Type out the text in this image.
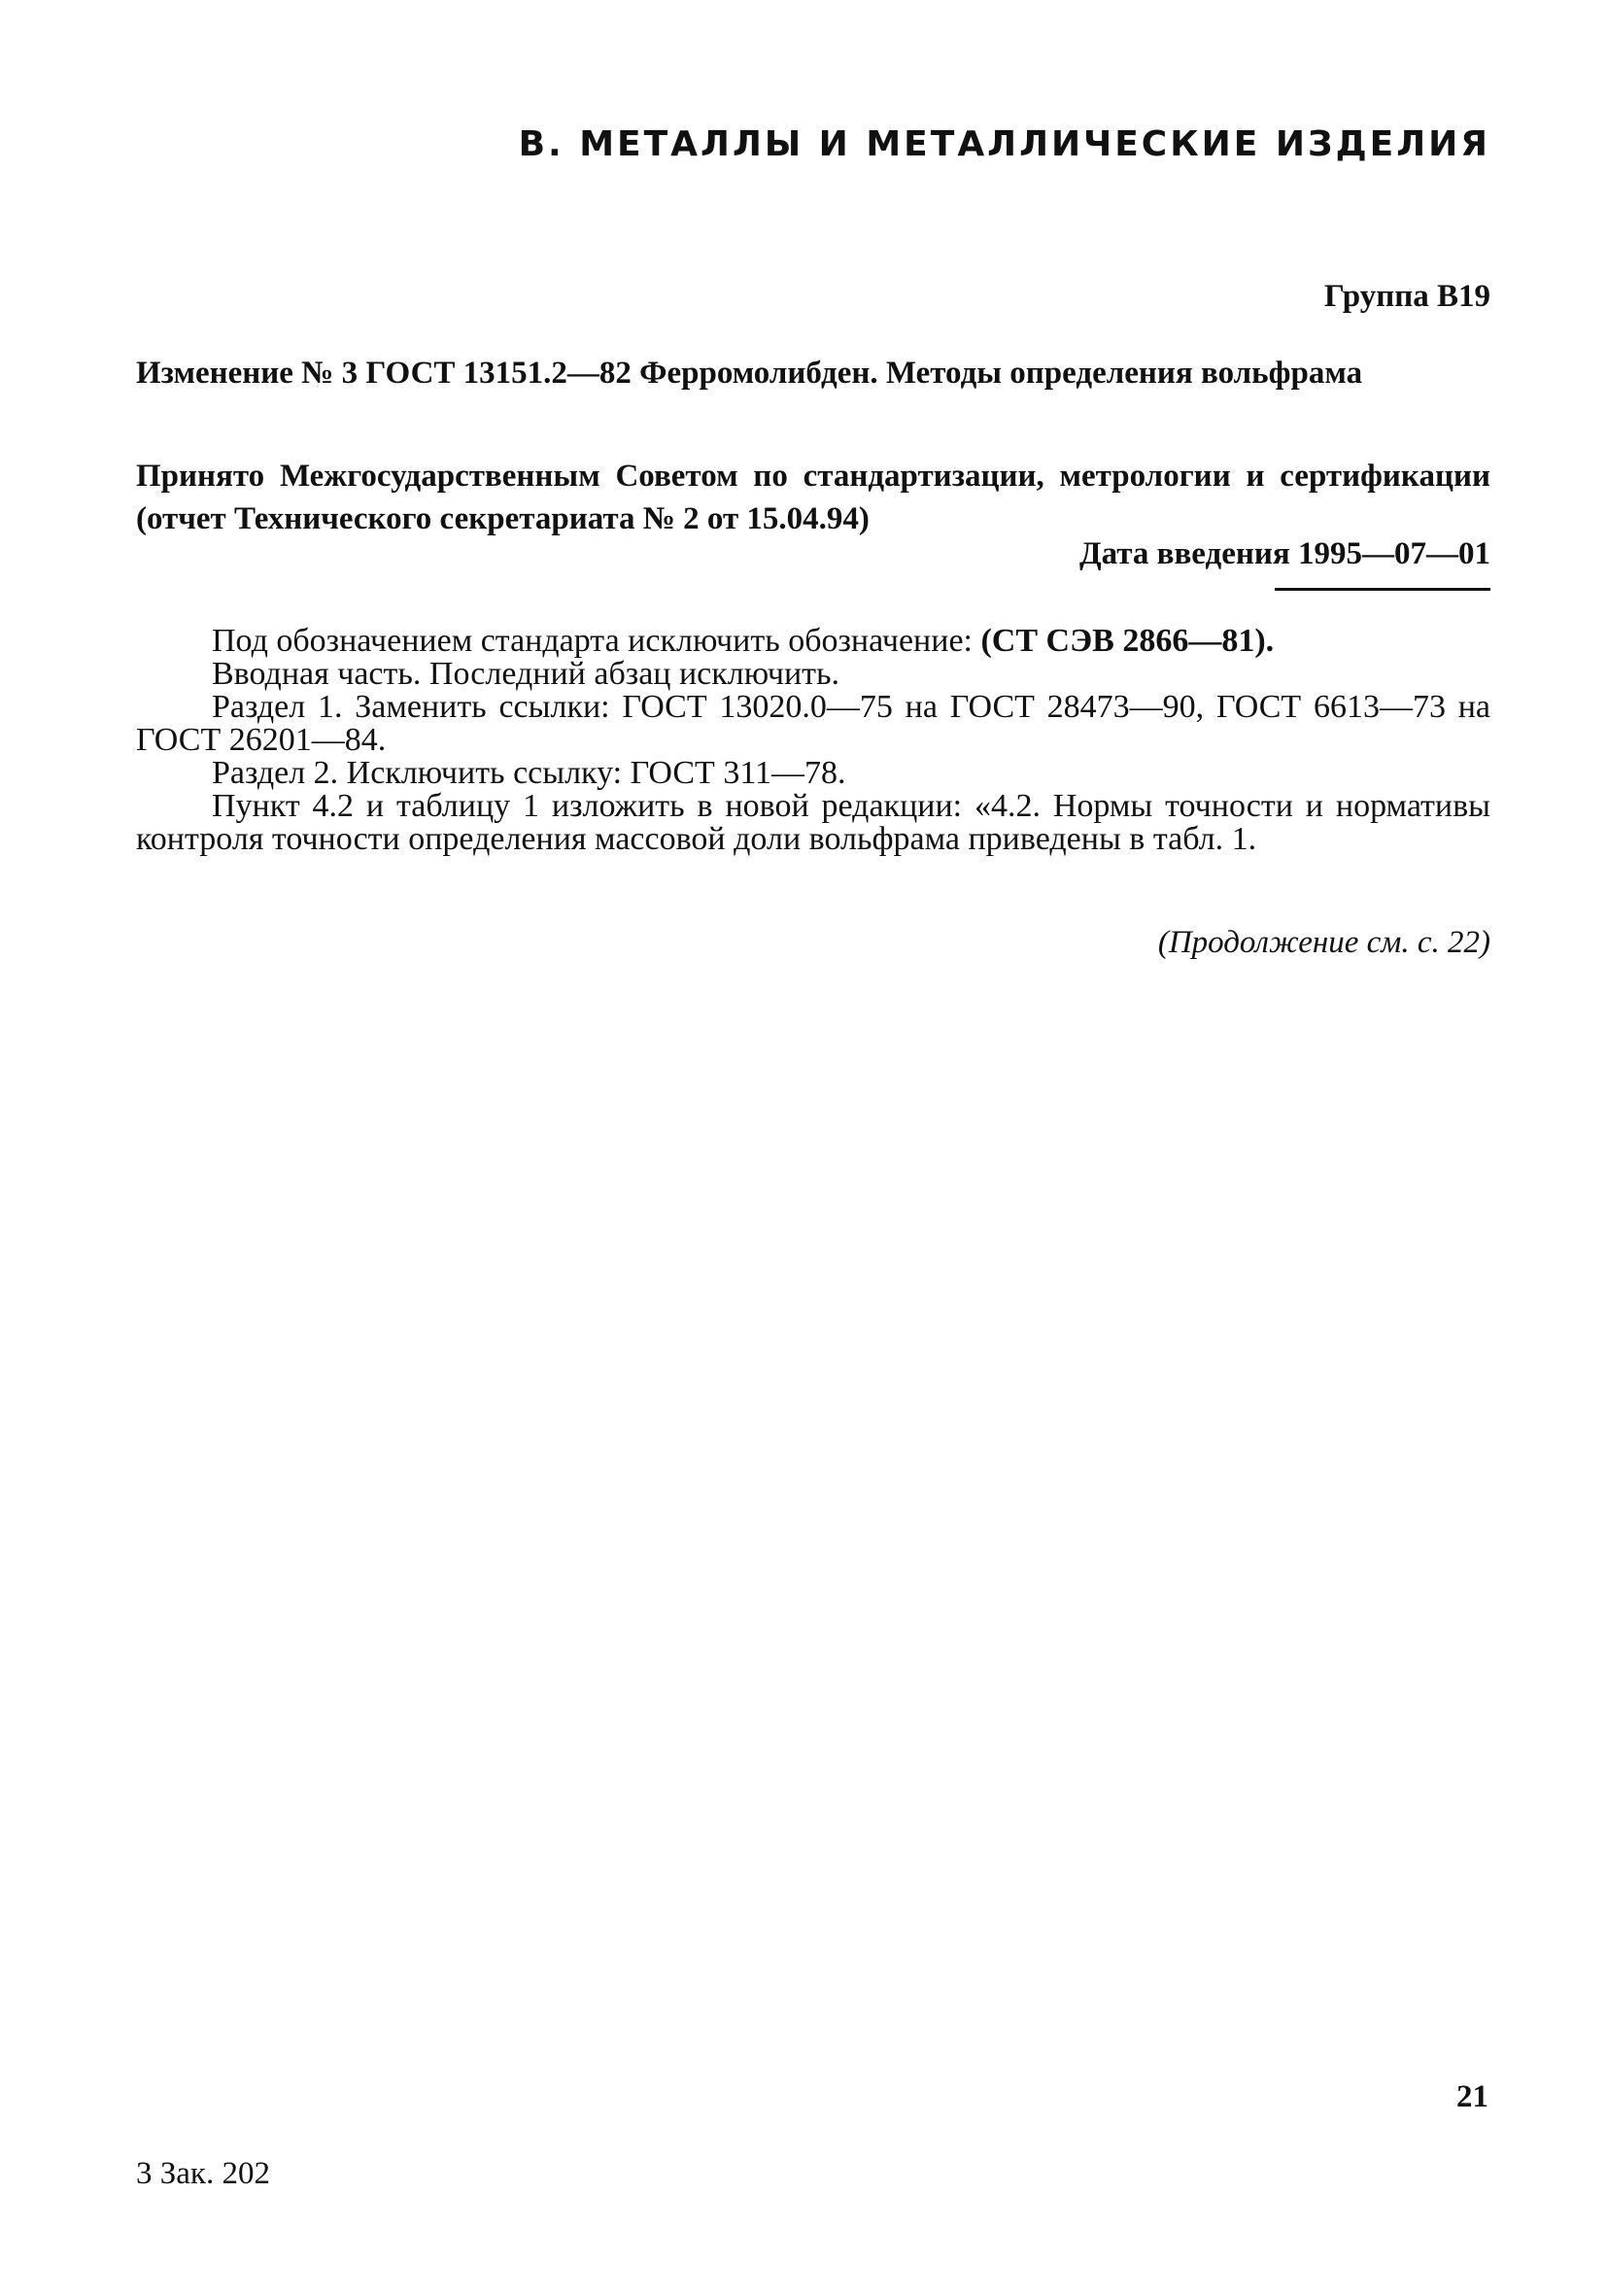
В. МЕТАЛЛЫ И МЕТАЛЛИЧЕСКИЕ ИЗДЕЛИЯ
Группа В19

Изменение № 3 ГОСТ 13151.2—82 Ферромолибден. Методы определения вольфрама

Принято Межгосударственным Советом по стандартизации, метрологии и сертификации (отчет Технического секретариата № 2 от 15.04.94)

Дата введения 1995—07—01

Под обозначением стандарта исключить обозначение: (СТ СЭВ 2866—81).

Вводная часть. Последний абзац исключить.

Раздел 1. Заменить ссылки: ГОСТ 13020.0—75 на ГОСТ 28473—90, ГОСТ 6613—73 на ГОСТ 26201—84.

Раздел 2. Исключить ссылку: ГОСТ 311—78.

Пункт 4.2 и таблицу 1 изложить в новой редакции: «4.2. Нормы точности и нормативы контроля точности определения массовой доли вольфрама приведены в табл. 1.

(Продолжение см. с. 22)
21
3 Зак. 202
